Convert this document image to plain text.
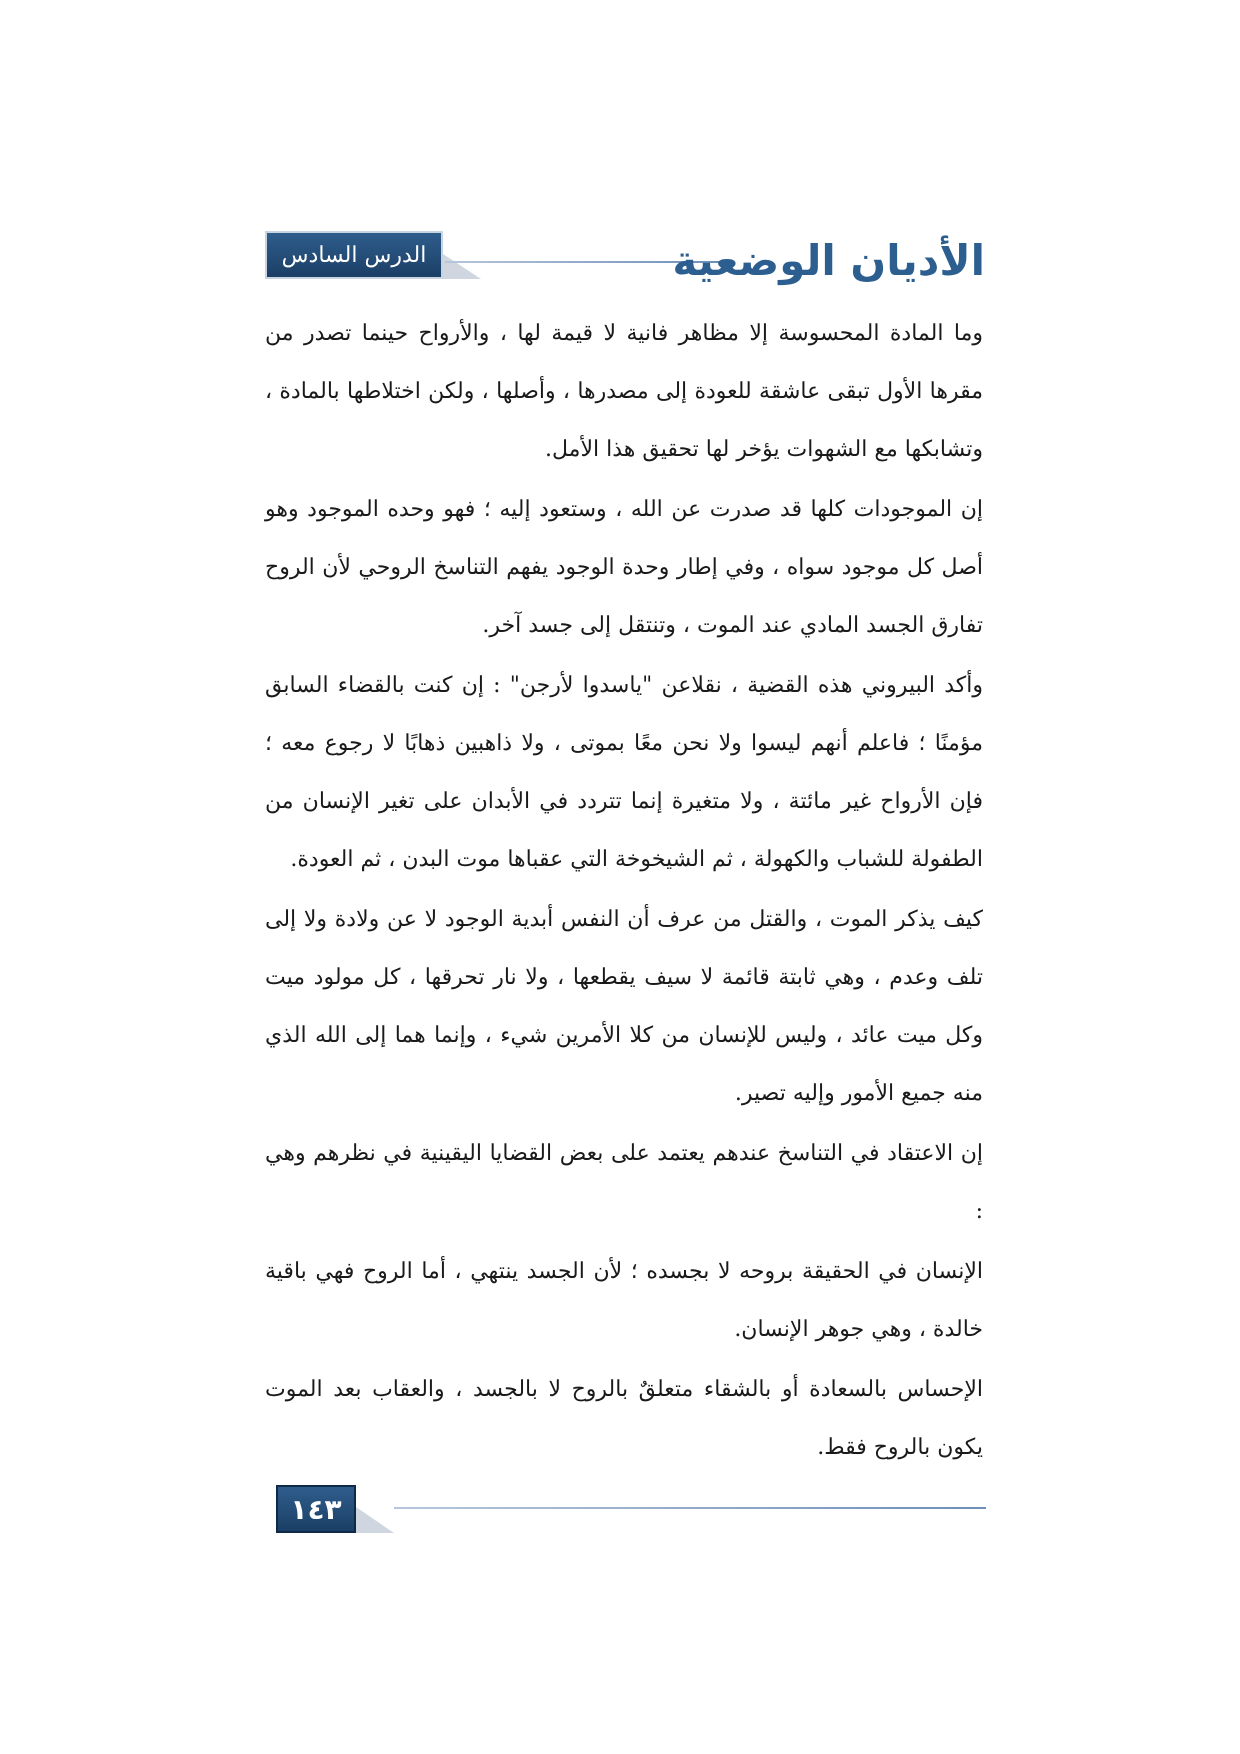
الدرس السادس	الأديان الوضعية

وما المادة المحسوسة إلا مظاهر فانية لا قيمة لها ، والأرواح حينما تصدر من مقرها الأول تبقى عاشقة للعودة إلى مصدرها ، وأصلها ، ولكن اختلاطها بالمادة ، وتشابكها مع الشهوات يؤخر لها تحقيق هذا الأمل.

إن الموجودات كلها قد صدرت عن الله ، وستعود إليه ؛ فهو وحده الموجود وهو أصل كل موجود سواه ، وفي إطار وحدة الوجود يفهم التناسخ الروحي لأن الروح تفارق الجسد المادي عند الموت ، وتنتقل إلى جسد آخر.

وأكد البيروني هذه القضية ، نقلاعن "ياسدوا لأرجن" : إن كنت بالقضاء السابق مؤمنًا ؛ فاعلم أنهم ليسوا ولا نحن معًا بموتى ، ولا ذاهبين ذهابًا لا رجوع معه ؛ فإن الأرواح غير مائتة ، ولا متغيرة إنما تتردد في الأبدان على تغير الإنسان من الطفولة للشباب والكهولة ، ثم الشيخوخة التي عقباها موت البدن ، ثم العودة.

كيف يذكر الموت ، والقتل من عرف أن النفس أبدية الوجود لا عن ولادة ولا إلى تلف وعدم ، وهي ثابتة قائمة لا سيف يقطعها ، ولا نار تحرقها ، كل مولود ميت وكل ميت عائد ، وليس للإنسان من كلا الأمرين شيء ، وإنما هما إلى الله الذي منه جميع الأمور وإليه تصير.

إن الاعتقاد في التناسخ عندهم يعتمد على بعض القضايا اليقينية في نظرهم وهي :

الإنسان في الحقيقة بروحه لا بجسده ؛ لأن الجسد ينتهي ، أما الروح فهي باقية خالدة ، وهي جوهر الإنسان.

الإحساس بالسعادة أو بالشقاء متعلقٌ بالروح لا بالجسد ، والعقاب بعد الموت يكون بالروح فقط.

١٤٣
